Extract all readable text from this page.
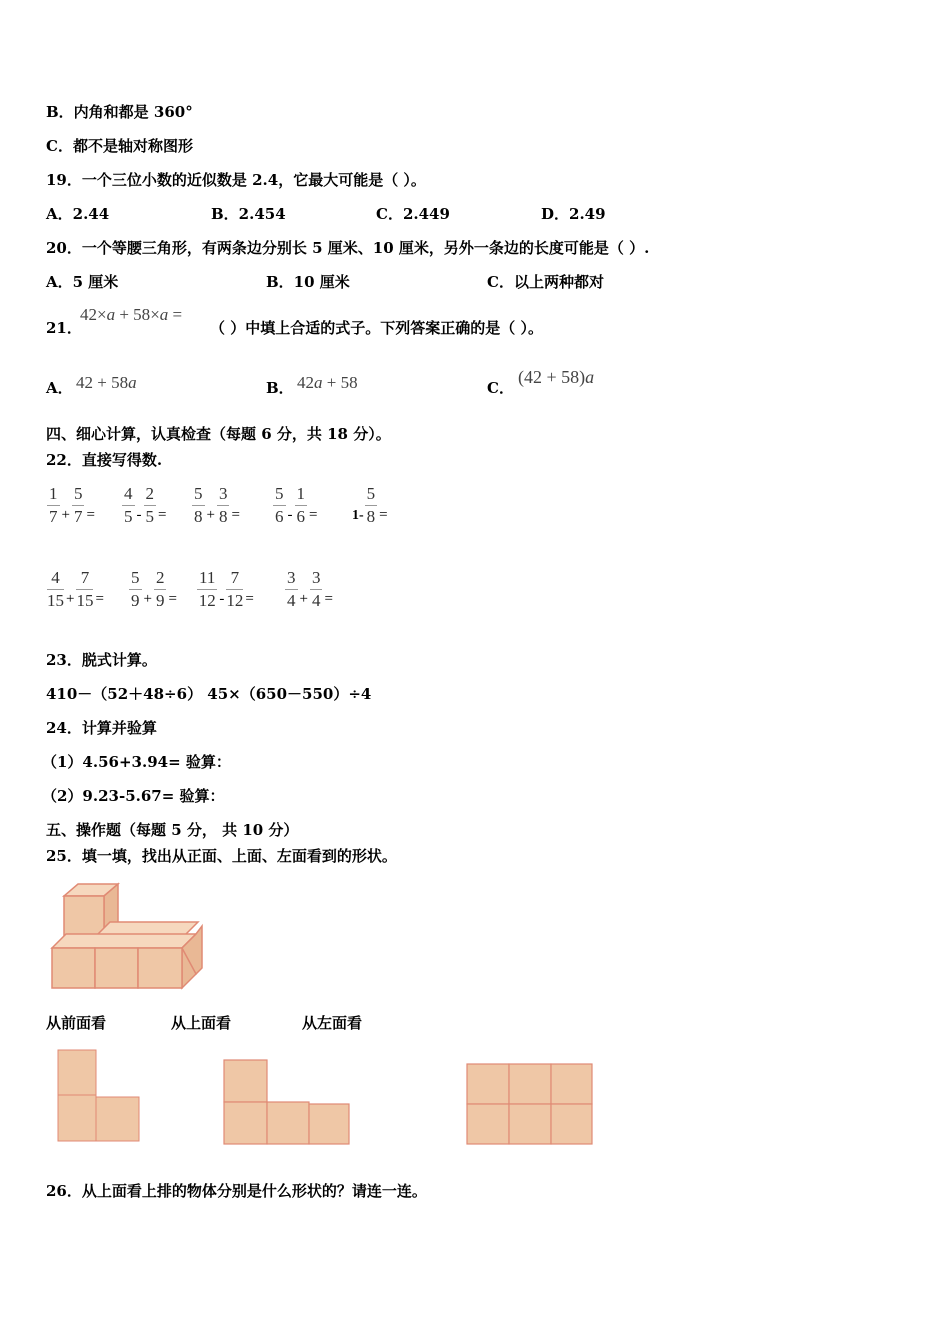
B．内角和都是 360°
C．都不是轴对称图形
19．一个三位小数的近似数是 2.4，它最大可能是（ ）。
A．2.44	B．2.454	C．2.449	D．2.49
20．一个等腰三角形，有两条边分别长 5 厘米、10 厘米，另外一条边的长度可能是（ ）.
A．5 厘米	B．10 厘米	C．以上两种都对
21．
42×a + 58×a =
（ ）中填上合适的式子。下列答案正确的是（ ）。
A． 42 + 58a	B． 42a + 58	C．
(42 + 58)a
四、细心计算，认真检查（每题 6 分，共 18 分）。
22．直接写得数.
$\frac{1}{7} + \frac{5}{7} = \frac{4}{5} - \frac{2}{5} = \frac{5}{8} + \frac{3}{8} = \frac{5}{6} - \frac{1}{6} = 1- \frac{5}{8}$ =
$\frac{4}{15} + \frac{7}{15} = \frac{5}{9} + \frac{2}{9} = \frac{11}{12} - \frac{7}{12} = \frac{3}{4} + \frac{3}{4}$ =
23．脱式计算。
410－（52＋48÷6） 45×（650－550）÷4
24．计算并验算
（1）4.56+3.94= 验算：
（2）9.23-5.67= 验算：
五、操作题（每题 5 分， 共 10 分）
25．填一填，找出从正面、上面、左面看到的形状。
从前面看	从上面看	从左面看
26．从上面看上排的物体分别是什么形状的？请连一连。
